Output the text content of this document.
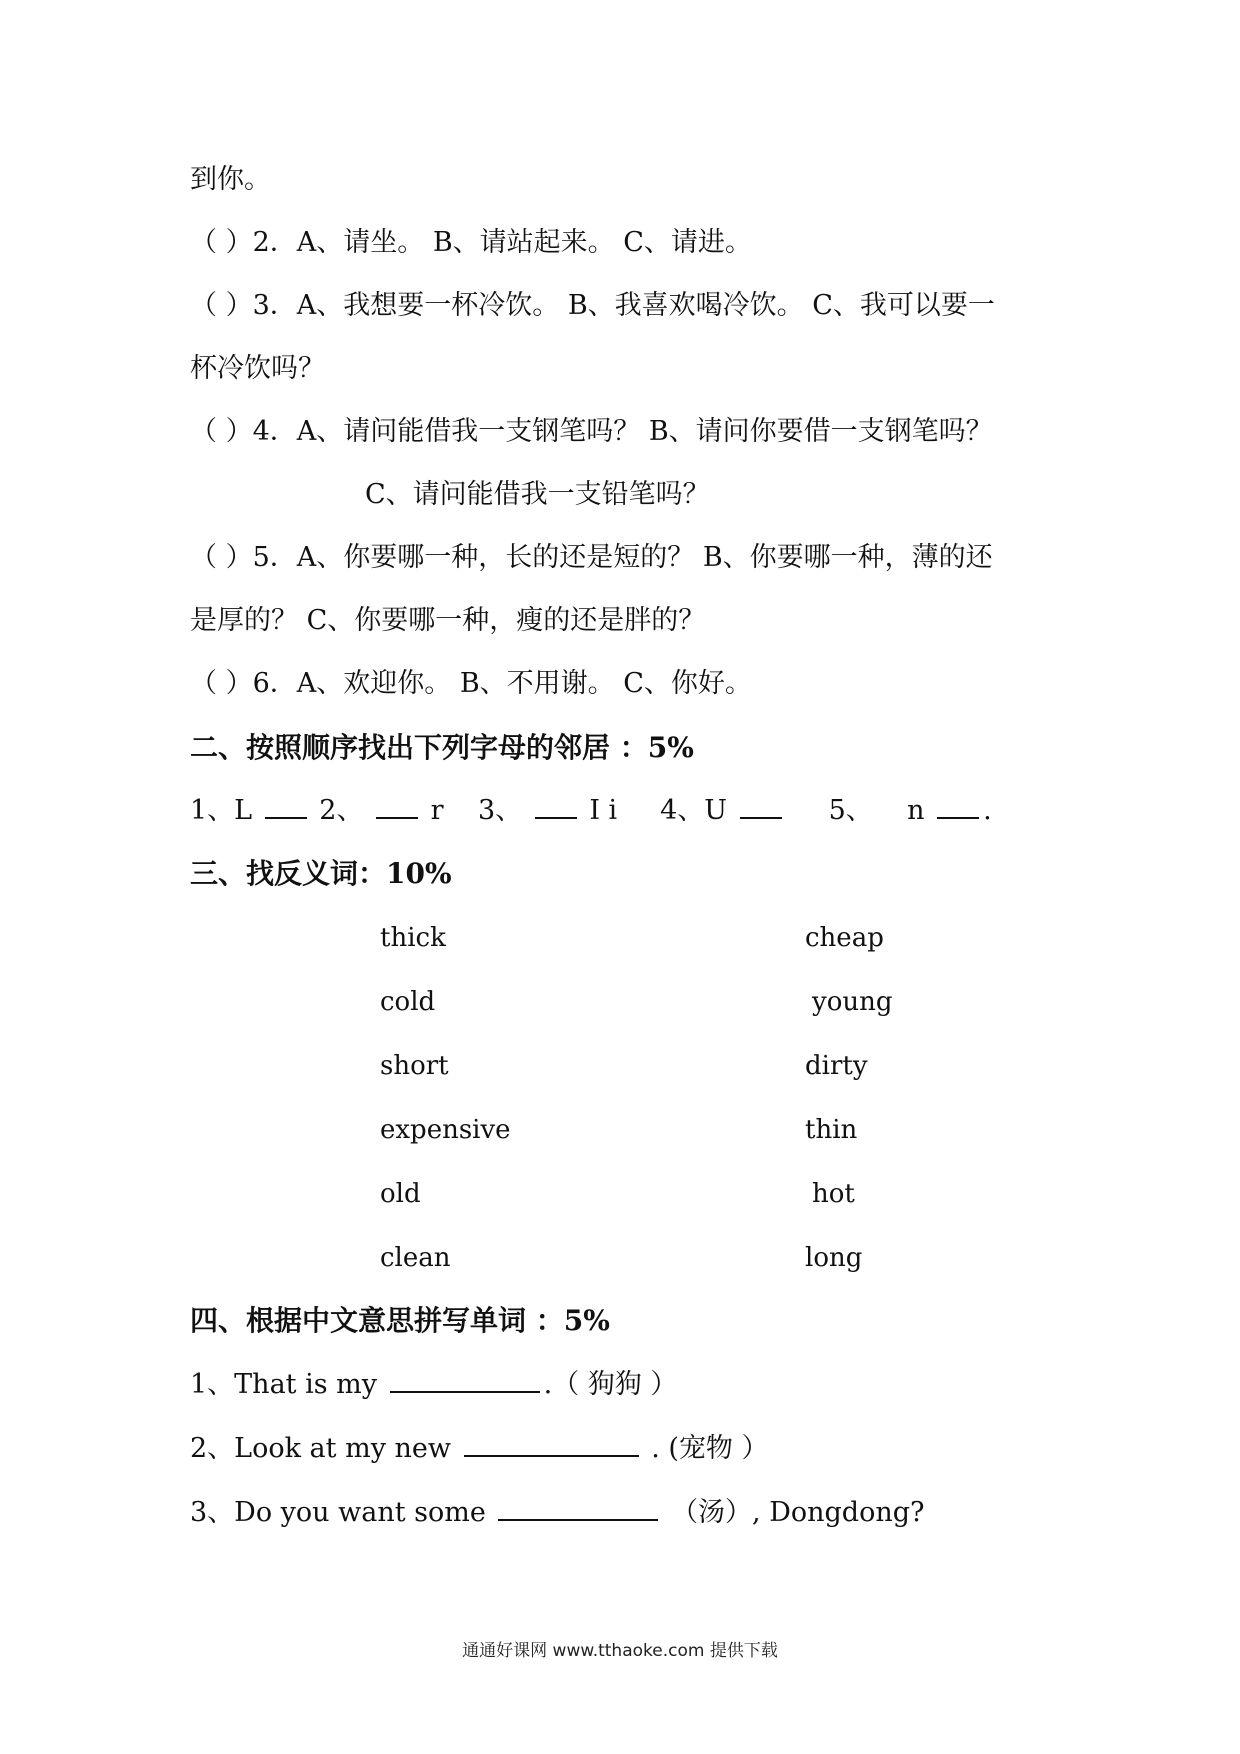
到你。
（ ）2．A、请坐。 B、请站起来。 C、请进。
（ ）3．A、我想要一杯冷饮。 B、我喜欢喝冷饮。 C、我可以要一
杯冷饮吗？
（ ）4．A、请问能借我一支钢笔吗？ B、请问你要借一支钢笔吗？
C、请问能借我一支铅笔吗？
（ ）5．A、你要哪一种，长的还是短的？ B、你要哪一种，薄的还
是厚的？ C、你要哪一种，瘦的还是胖的？
（ ）6．A、欢迎你。 B、不用谢。 C、你好。
二、按照顺序找出下列字母的邻居 ：5%
1、L 2、 r 3、 I i 4、U	5、 n .
三、找反义词：10%
thick	cheap
cold	young
short	dirty
expensive	thin
old	hot
clean	long
四、根据中文意思拼写单词 ：5%
1、That is my	.（ 狗狗 ）
2、Look at my new	. (宠物 ）
3、Do you want some	（汤）, Dongdong?
通通好课网 www.tthaoke.com 提供下载
